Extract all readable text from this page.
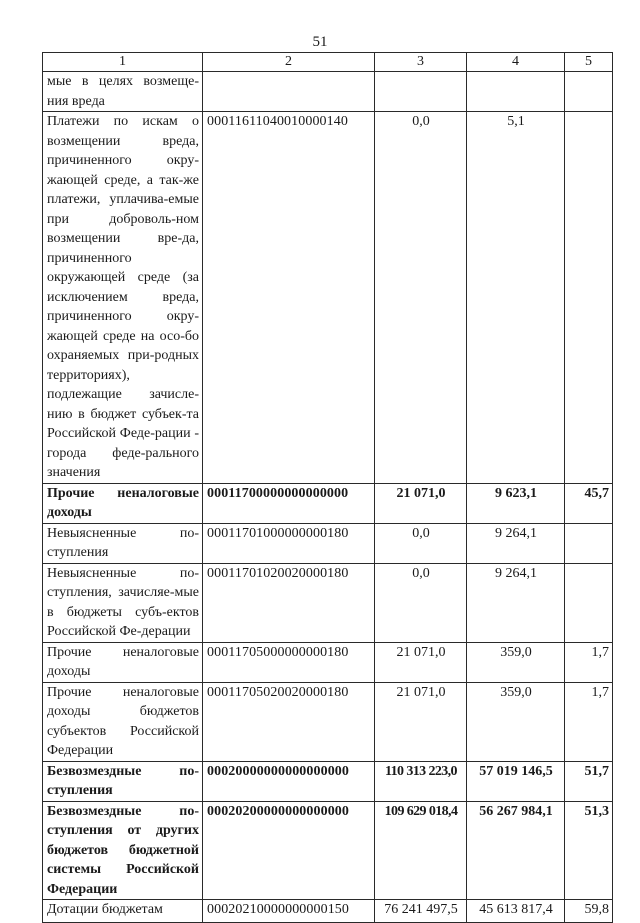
51
1	2	3	4	5
мые в целях возмеще-ния вреда				
Платежи по искам о возмещении вреда, причиненного окру-жающей среде, а так-же платежи, уплачива-емые при доброволь-ном возмещении вре-да, причиненного окружающей среде (за исключением вреда, причиненного окру-жающей среде на осо-бо охраняемых при-родных территориях), подлежащие зачисле-нию в бюджет субъек-та Российской Феде-рации - города феде-рального значения	00011611040010000140	0,0	5,1	
Прочие неналоговые доходы	00011700000000000000	21 071,0	9 623,1	45,7
Невыясненные по-ступления	00011701000000000180	0,0	9 264,1	
Невыясненные по-ступления, зачисляе-мые в бюджеты субъ-ектов Российской Фе-дерации	00011701020020000180	0,0	9 264,1	
Прочие неналоговые доходы	00011705000000000180	21 071,0	359,0	1,7
Прочие неналоговые доходы бюджетов субъектов Российской Федерации	00011705020020000180	21 071,0	359,0	1,7
Безвозмездные по-ступления	00020000000000000000	110 313 223,0	57 019 146,5	51,7
Безвозмездные по-ступления от других бюджетов бюджетной системы Российской Федерации	00020200000000000000	109 629 018,4	56 267 984,1	51,3
Дотации бюджетам	00020210000000000150	76 241 497,5	45 613 817,4	59,8
